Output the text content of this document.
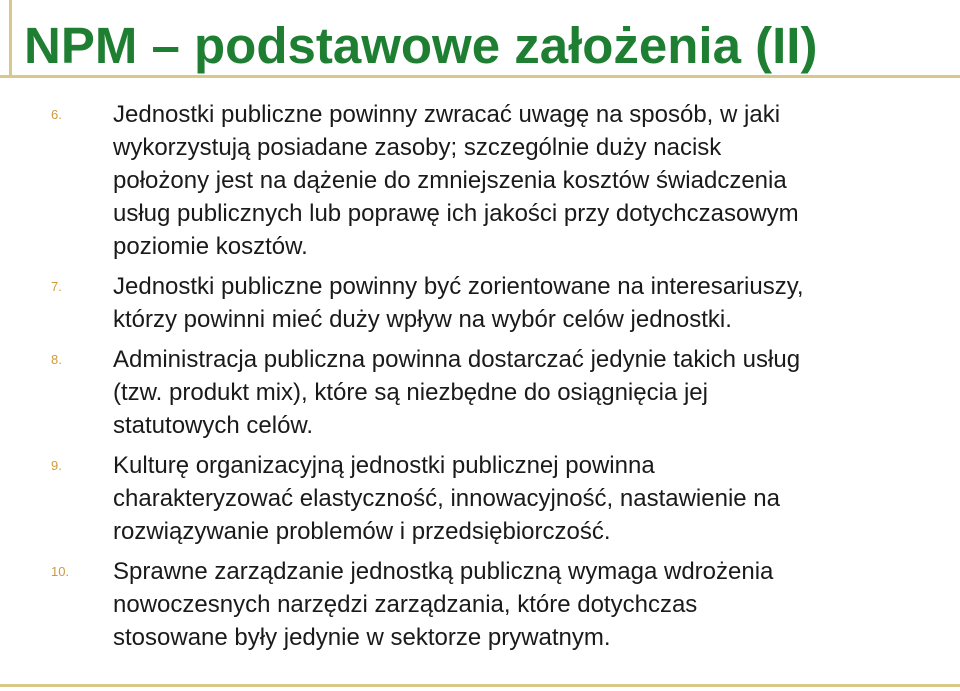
NPM – podstawowe założenia (II)
6. Jednostki publiczne powinny zwracać uwagę na sposób, w jaki
wykorzystują posiadane zasoby; szczególnie duży nacisk
położony jest na dążenie do zmniejszenia kosztów świadczenia
usług publicznych lub poprawę ich jakości przy dotychczasowym
poziomie kosztów.
7. Jednostki publiczne powinny być zorientowane na interesariuszy,
którzy powinni mieć duży wpływ na wybór celów jednostki.
8. Administracja publiczna powinna dostarczać jedynie takich usług
(tzw. produkt mix), które są niezbędne do osiągnięcia jej
statutowych celów.
9. Kulturę organizacyjną jednostki publicznej powinna
charakteryzować elastyczność, innowacyjność, nastawienie na
rozwiązywanie problemów i przedsiębiorczość.
10. Sprawne zarządzanie jednostką publiczną wymaga wdrożenia
nowoczesnych narzędzi zarządzania, które dotychczas
stosowane były jedynie w sektorze prywatnym.
